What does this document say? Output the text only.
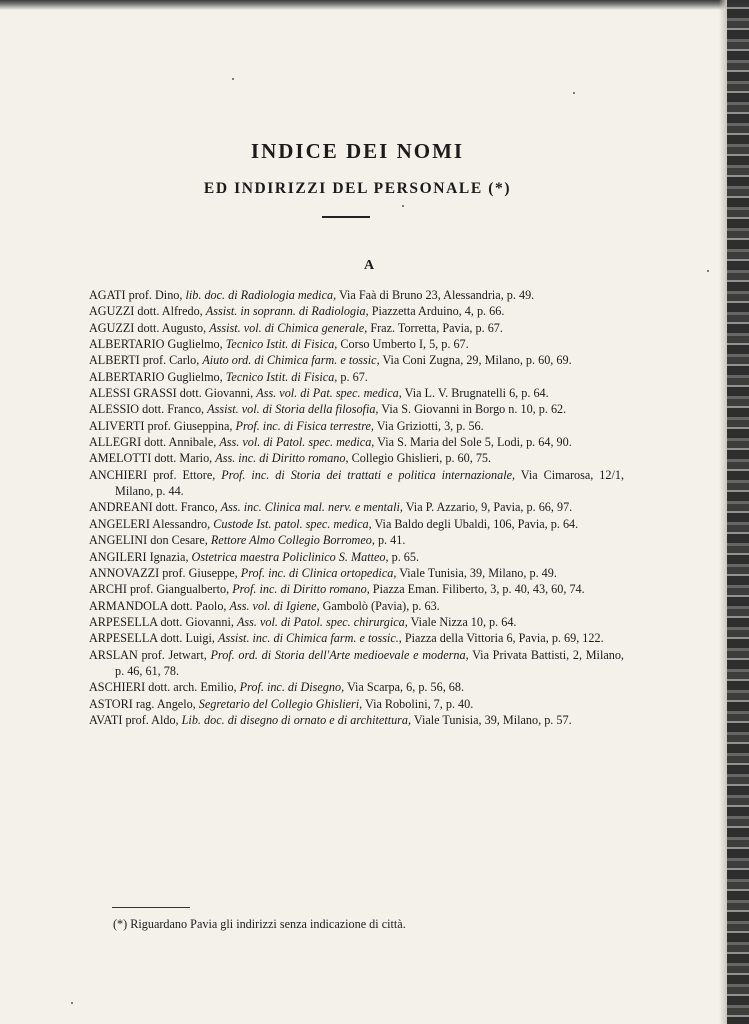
INDICE DEI NOMI
ED INDIRIZZI DEL PERSONALE (*)
A
AGATI prof. Dino, lib. doc. di Radiologia medica, Via Faà di Bruno 23, Alessandria, p. 49.
AGUZZI dott. Alfredo, Assist. in soprann. di Radiologia, Piazzetta Arduino, 4, p. 66.
AGUZZI dott. Augusto, Assist. vol. di Chimica generale, Fraz. Torretta, Pavia, p. 67.
ALBERTARIO Guglielmo, Tecnico Istit. di Fisica, Corso Umberto I, 5, p. 67.
ALBERTI prof. Carlo, Aiuto ord. di Chimica farm. e tossic, Via Coni Zugna, 29, Milano, p. 60, 69.
ALBERTARIO Guglielmo, Tecnico Istit. di Fisica, p. 67.
ALESSI GRASSI dott. Giovanni, Ass. vol. di Pat. spec. medica, Via L. V. Brugnatelli 6, p. 64.
ALESSIO dott. Franco, Assist. vol. di Storia della filosofia, Via S. Giovanni in Borgo n. 10, p. 62.
ALIVERTI prof. Giuseppina, Prof. inc. di Fisica terrestre, Via Griziotti, 3, p. 56.
ALLEGRI dott. Annibale, Ass. vol. di Patol. spec. medica, Via S. Maria del Sole 5, Lodi, p. 64, 90.
AMELOTTI dott. Mario, Ass. inc. di Diritto romano, Collegio Ghislieri, p. 60, 75.
ANCHIERI prof. Ettore, Prof. inc. di Storia dei trattati e politica internazionale, Via Cimarosa, 12/1, Milano, p. 44.
ANDREANI dott. Franco, Ass. inc. Clinica mal. nerv. e mentali, Via P. Azzario, 9, Pavia, p. 66, 97.
ANGELERI Alessandro, Custode Ist. patol. spec. medica, Via Baldo degli Ubaldi, 106, Pavia, p. 64.
ANGELINI don Cesare, Rettore Almo Collegio Borromeo, p. 41.
ANGILERI Ignazia, Ostetrica maestra Policlinico S. Matteo, p. 65.
ANNOVAZZI prof. Giuseppe, Prof. inc. di Clinica ortopedica, Viale Tunisia, 39, Milano, p. 49.
ARCHI prof. Giangualberto, Prof. inc. di Diritto romano, Piazza Eman. Filiberto, 3, p. 40, 43, 60, 74.
ARMANDOLA dott. Paolo, Ass. vol. di Igiene, Gambolò (Pavia), p. 63.
ARPESELLA dott. Giovanni, Ass. vol. di Patol. spec. chirurgica, Viale Nizza 10, p. 64.
ARPESELLA dott. Luigi, Assist. inc. di Chimica farm. e tossic., Piazza della Vittoria 6, Pavia, p. 69, 122.
ARSLAN prof. Jetwart, Prof. ord. di Storia dell'Arte medioevale e moderna, Via Privata Battisti, 2, Milano, p. 46, 61, 78.
ASCHIERI dott. arch. Emilio, Prof. inc. di Disegno, Via Scarpa, 6, p. 56, 68.
ASTORI rag. Angelo, Segretario del Collegio Ghislieri, Via Robolini, 7, p. 40.
AVATI prof. Aldo, Lib. doc. di disegno di ornato e di architettura, Viale Tunisia, 39, Milano, p. 57.
(*) Riguardano Pavia gli indirizzi senza indicazione di città.
